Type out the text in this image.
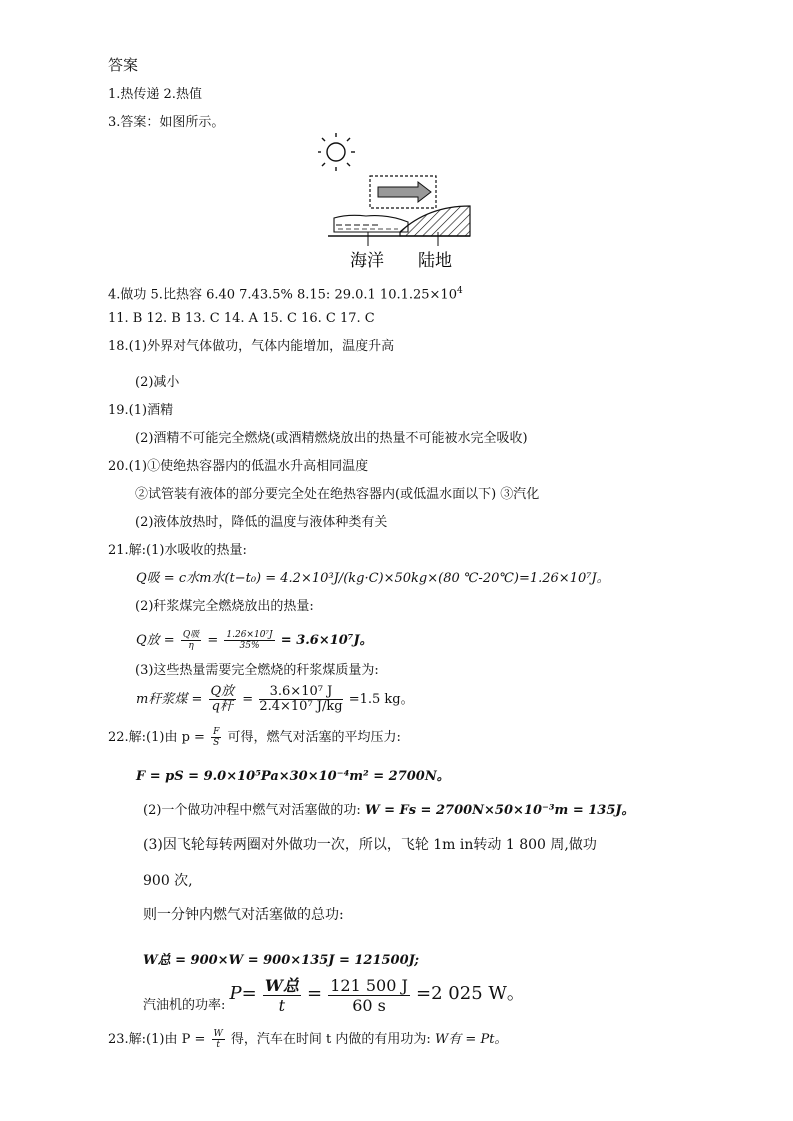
答案
1.热传递 2.热值
3.答案：如图所示。
海洋 陆地
4.做功 5.比热容 6.40 7.43.5% 8.15: 29.0.1 $10.1.25\times 10^4$
11. B 12. B 13. C 14. A 15. C 16. C 17. C
18.(1)外界对气体做功，气体内能增加，温度升高
(2)减小
19.(1)酒精
(2)酒精不可能完全燃烧(或酒精燃烧放出的热量不可能被水完全吸收)
20.(1)①使绝热容器内的低温水升高相同温度
②试管装有液体的部分要完全处在绝热容器内(或低温水面以下) ③汽化
(2)液体放热时，降低的温度与液体种类有关
21.解:(1)水吸收的热量:
Q吸 = c水m水(t−t₀) = 4.2×10³J/(kg·C)×50kg×(80 ℃-20℃)=1.26×10⁷J。
(2)秆浆煤完全燃烧放出的热量:
Q放 = $\frac{\text{Q吸}}{\eta} = \frac{\text{1.26×10⁷J}}{35\%} = 3.6\times 10^7J$。
(3)这些热量需要完全燃烧的秆浆煤质量为:
m秆浆煤 = $\frac{\text{Q放}}{\text{q秆}} = \frac{\text{3.6×10⁷ J}}{\text{2.4×10⁷ J/kg}} =1.5$ kg。
22.解:(1)由 $p = \frac{F}{S}$ 可得，燃气对活塞的平均压力:
F = pS = 9.0×10⁵Pa×30×10⁻⁴m² = 2700N。
(2)一个做功冲程中燃气对活塞做的功: W = Fs = 2700N×50×10⁻³m = 135J。
(3)因飞轮每转两圈对外做功一次，所以，飞轮 1m in转动 1 800 周,做功
900 次,
则一分钟内燃气对活塞做的总功:
W总 = 900×W = 900×135J = 121500J;
汽油机的功率: $P= \frac{\text{W总}}{t} = \frac{121 500 J}{60 s} =2$ 025 W。
23.解:(1)由 $P = \frac{W}{t}$ 得，汽车在时间 t 内做的有用功为: W有 = Pt。
